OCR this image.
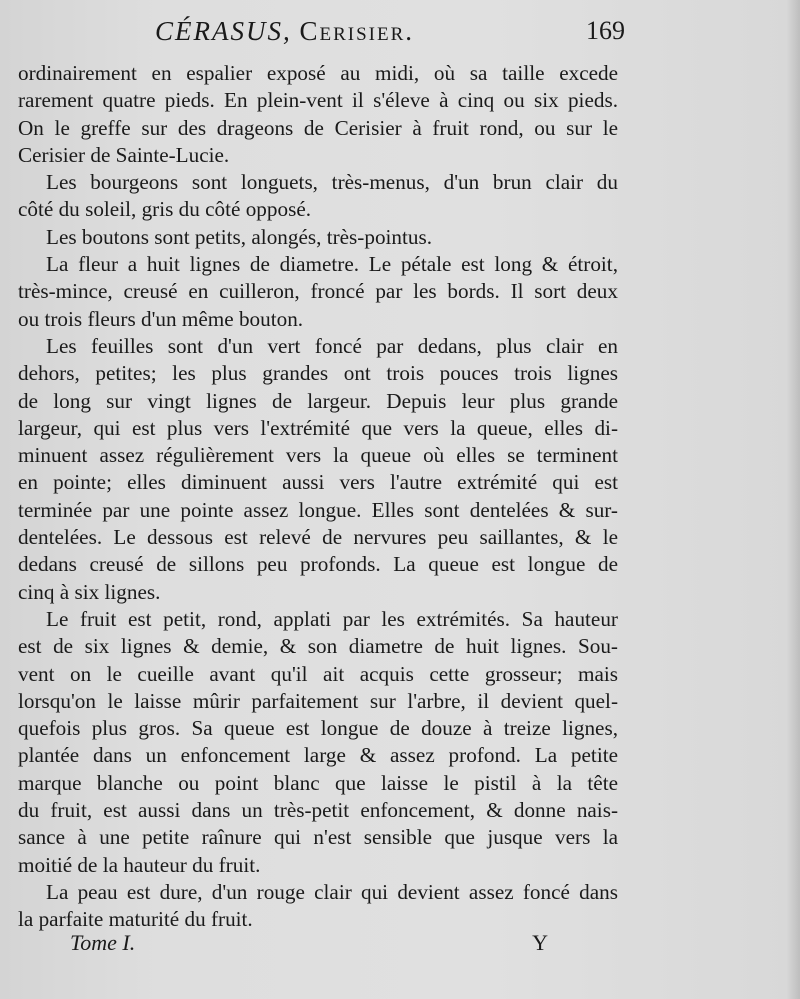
CÉRASUS, Cerisier.	169
ordinairement en espalier exposé au midi, où sa taille excede
rarement quatre pieds. En plein-vent il s'éleve à cinq ou six pieds.
On le greffe sur des drageons de Cerisier à fruit rond, ou sur le
Cerisier de Sainte-Lucie.
Les bourgeons sont longuets, très-menus, d'un brun clair du
côté du soleil, gris du côté opposé.
Les boutons sont petits, alongés, très-pointus.
La fleur a huit lignes de diametre. Le pétale est long & étroit,
très-mince, creusé en cuilleron, froncé par les bords. Il sort deux
ou trois fleurs d'un même bouton.
Les feuilles sont d'un vert foncé par dedans, plus clair en
dehors, petites; les plus grandes ont trois pouces trois lignes
de long sur vingt lignes de largeur. Depuis leur plus grande
largeur, qui est plus vers l'extrémité que vers la queue, elles di-
minuent assez régulièrement vers la queue où elles se terminent
en pointe; elles diminuent aussi vers l'autre extrémité qui est
terminée par une pointe assez longue. Elles sont dentelées & sur-
dentelées. Le dessous est relevé de nervures peu saillantes, & le
dedans creusé de sillons peu profonds. La queue est longue de
cinq à six lignes.
Le fruit est petit, rond, applati par les extrémités. Sa hauteur
est de six lignes & demie, & son diametre de huit lignes. Sou-
vent on le cueille avant qu'il ait acquis cette grosseur; mais
lorsqu'on le laisse mûrir parfaitement sur l'arbre, il devient quel-
quefois plus gros. Sa queue est longue de douze à treize lignes,
plantée dans un enfoncement large & assez profond. La petite
marque blanche ou point blanc que laisse le pistil à la tête
du fruit, est aussi dans un très-petit enfoncement, & donne nais-
sance à une petite raînure qui n'est sensible que jusque vers la
moitié de la hauteur du fruit.
La peau est dure, d'un rouge clair qui devient assez foncé dans
la parfaite maturité du fruit.
Tome I.	Y
